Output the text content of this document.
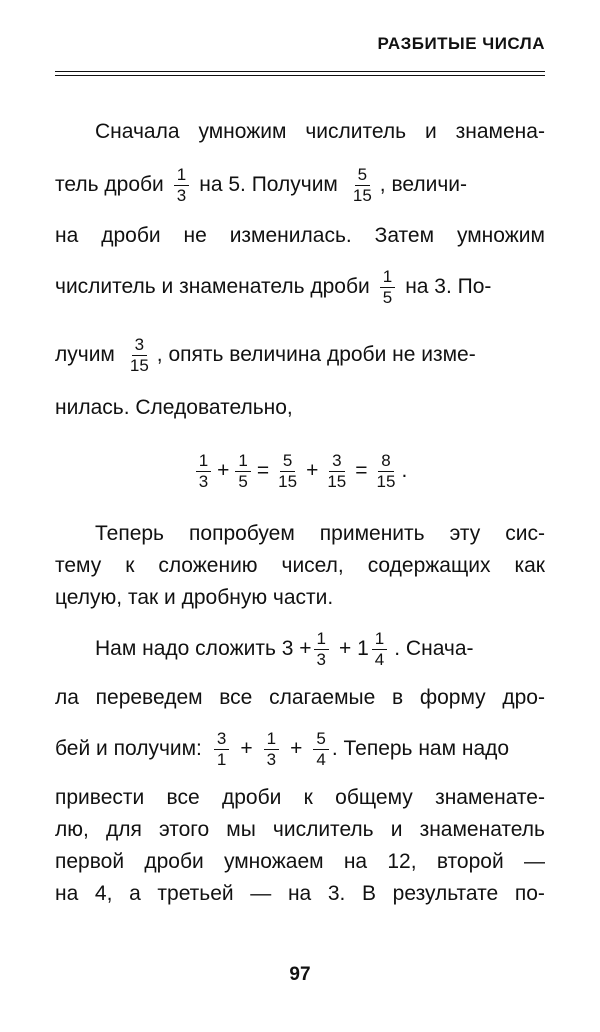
РАЗБИТЫЕ ЧИСЛА
Сначала умножим числитель и знамена-
тель дроби $\frac{1}{3}$ на 5. Получим $\frac{5}{15}$ , величи-
на дроби не изменилась. Затем умножим
числитель и знаменатель дроби $\frac{1}{5}$ на 3. По-
лучим $\frac{3}{15}$ , опять величина дроби не изме-
нилась. Следовательно,
$\frac{1}{3} + \frac{1}{5} = \frac{5}{15} + \frac{3}{15} = \frac{8}{15}$ .
Теперь попробуем применить эту сис-
тему к сложению чисел, содержащих как
целую, так и дробную части.
Нам надо сложить $3 + \frac{1}{3} + 1 \frac{1}{4}$ . Снача-
ла переведем все слагаемые в форму дро-
бей и получим: $\frac{3}{1} + \frac{1}{3} + \frac{5}{4}$ . Теперь нам надо
привести все дроби к общему знаменате-
лю, для этого мы числитель и знаменатель
первой дроби умножаем на 12, второй —
на 4, а третьей — на 3. В результате по-
97
